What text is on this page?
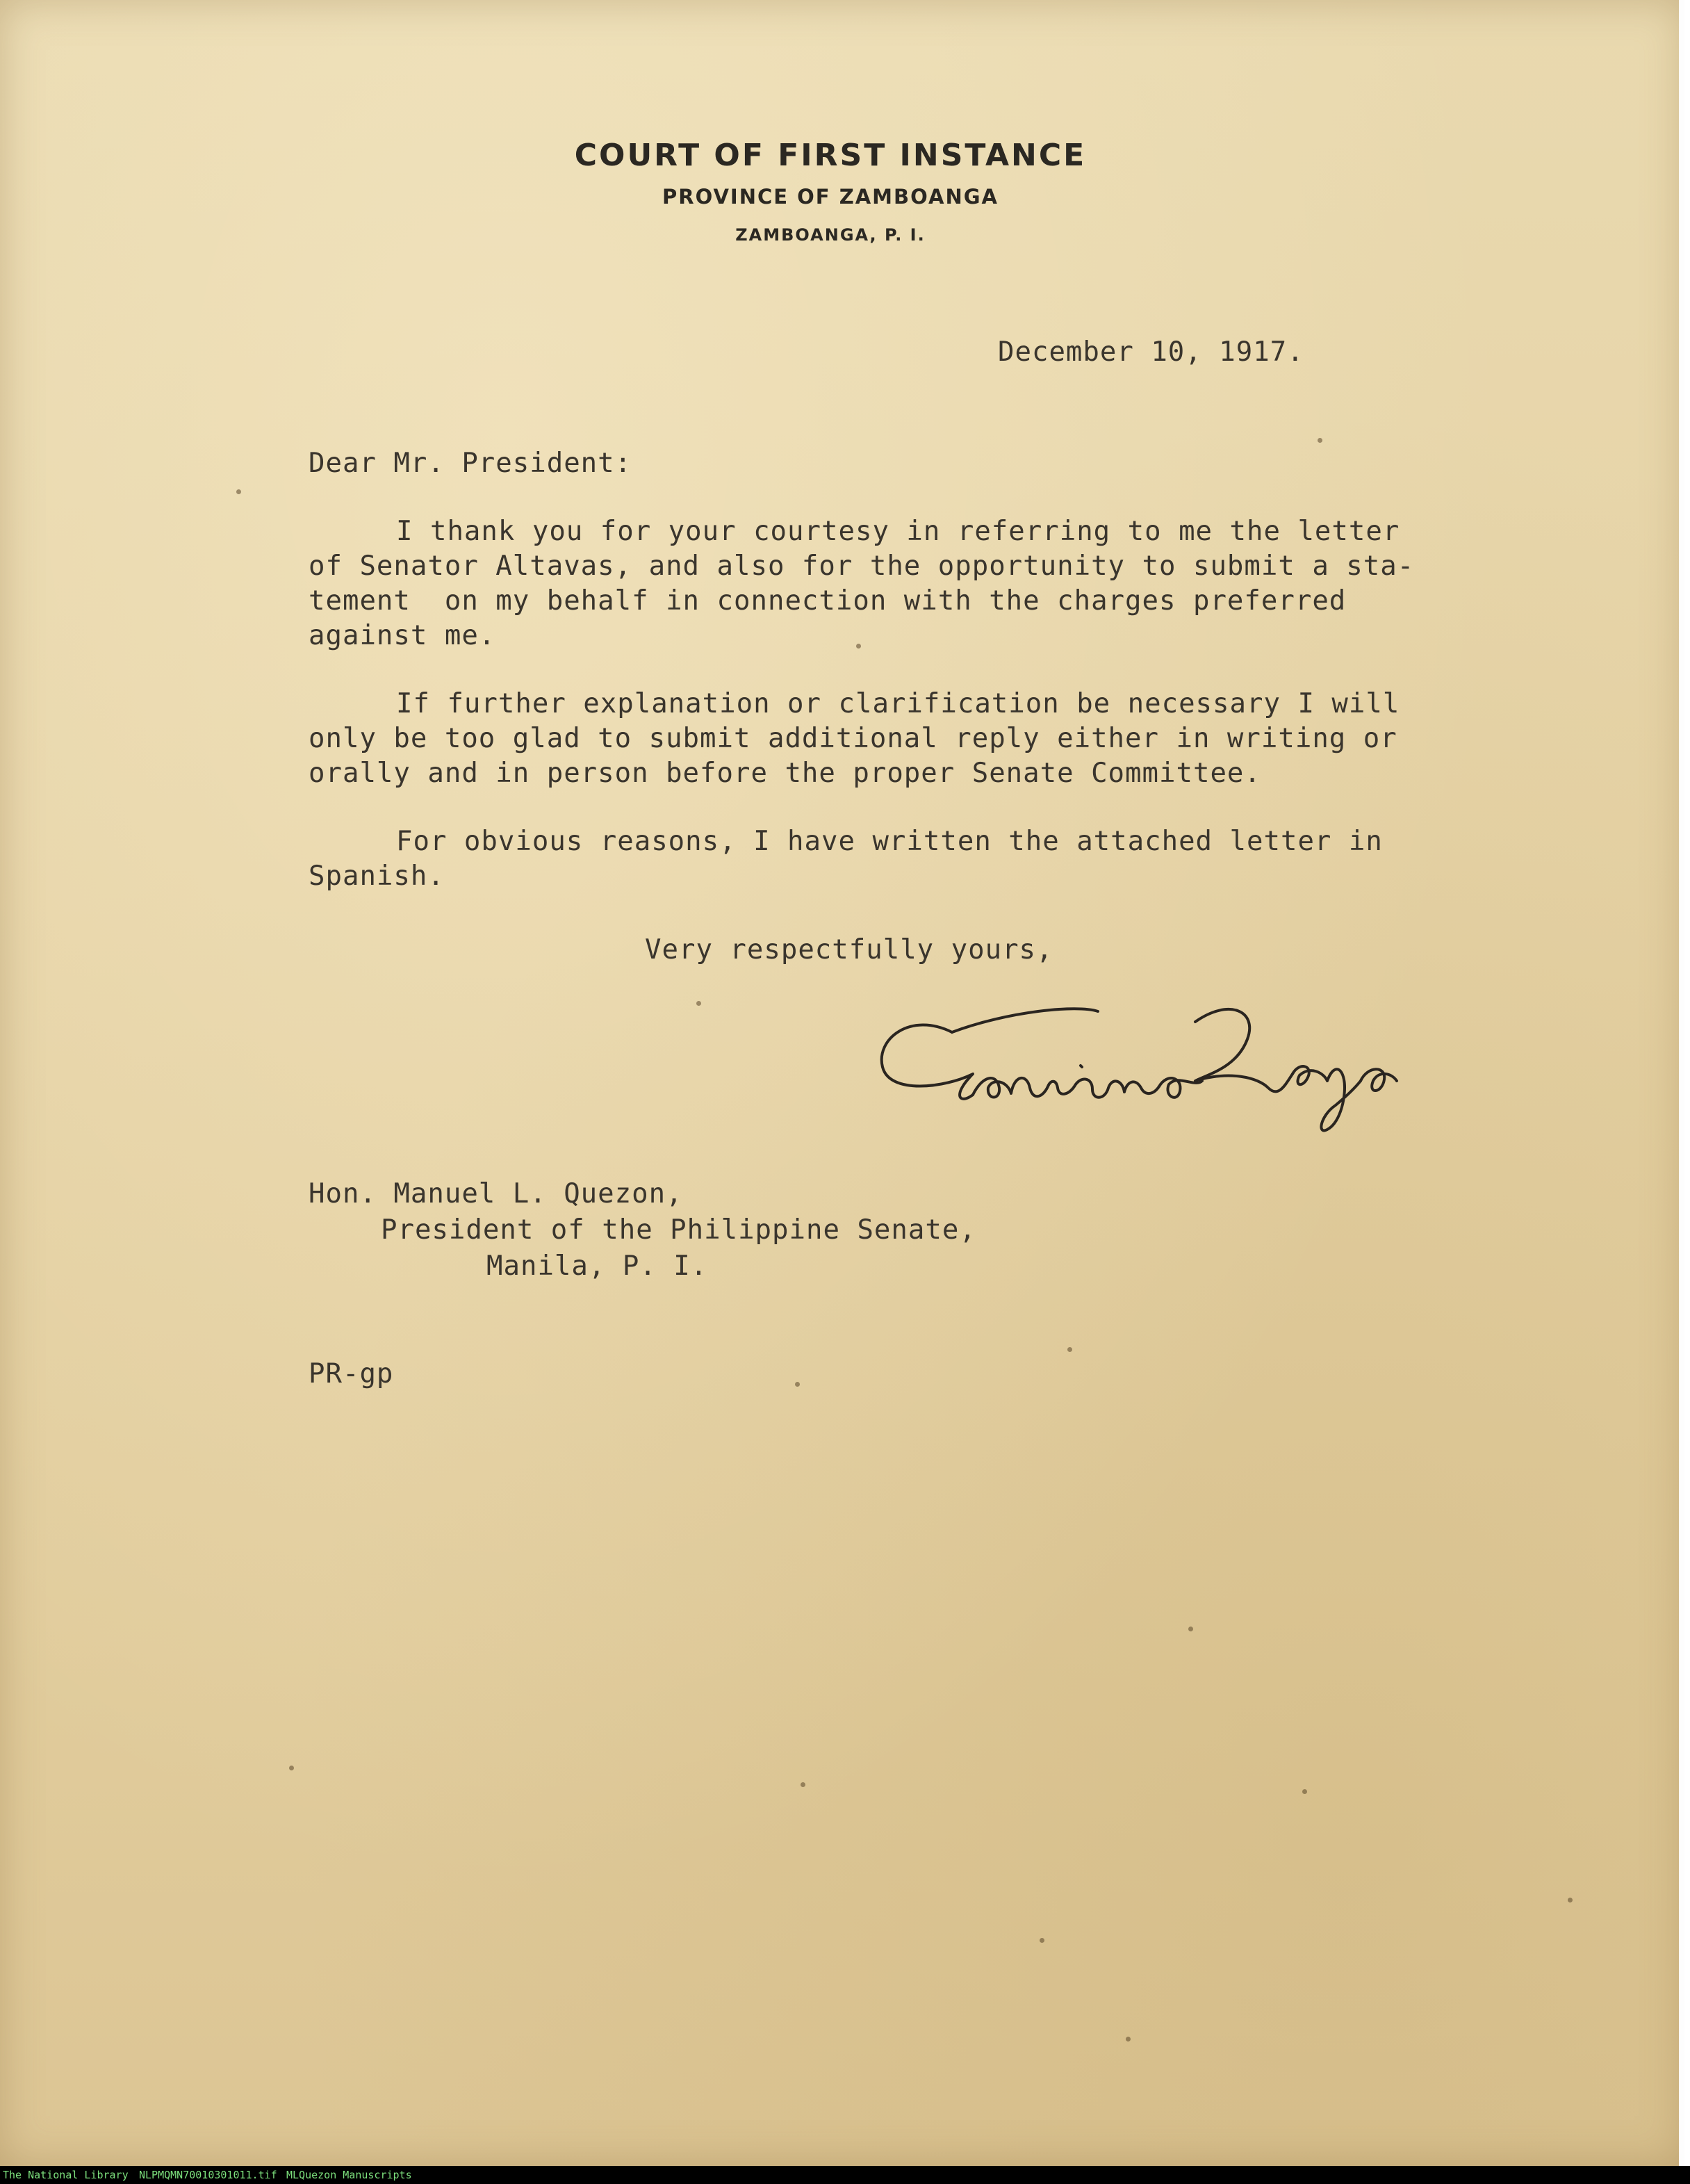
COURT OF FIRST INSTANCE
PROVINCE OF ZAMBOANGA
ZAMBOANGA, P. I.
December 10, 1917.
Dear Mr. President:
I thank you for your courtesy in referring to me the letter
of Senator Altavas, and also for the opportunity to submit a sta-
tement  on my behalf in connection with the charges preferred
against me.
If further explanation or clarification be necessary I will
only be too glad to submit additional reply either in writing or
orally and in person before the proper Senate Committee.
For obvious reasons, I have written the attached letter in
Spanish.
Very respectfully yours,
Hon. Manuel L. Quezon,
President of the Philippine Senate,
Manila, P. I.
PR-gp
The National Library NLPMQMN70010301011.tif MLQuezon Manuscripts
